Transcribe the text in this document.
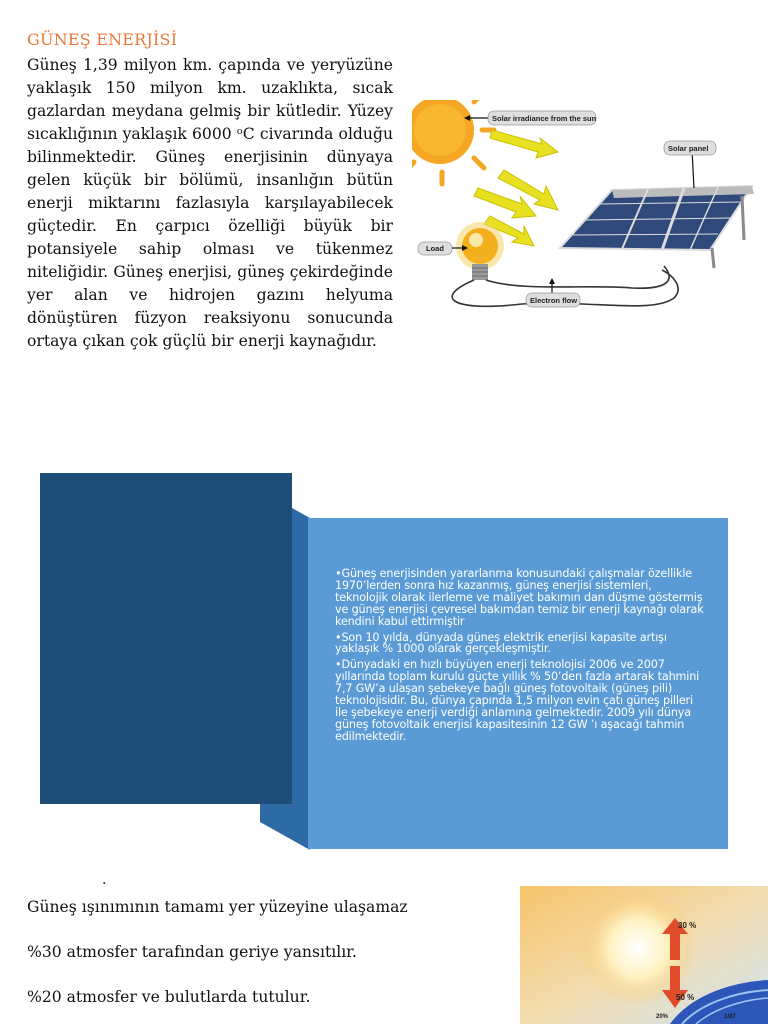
GÜNEŞ ENERJİSİ

Güneş 1,39 milyon km. çapında ve yeryüzüne yaklaşık 150 milyon km. uzaklıkta, sıcak gazlardan meydana gelmiş bir kütledir. Yüzey sıcaklığının yaklaşık 6000 ᵒC civarında olduğu bilinmektedir. Güneş enerjisinin dünyaya gelen küçük bir bölümü, insanlığın bütün enerji miktarını fazlasıyla karşılayabilecek güçtedir. En çarpıcı özelliği büyük bir potansiyele sahip olması ve tükenmez niteliğidir. Güneş enerjisi, güneş çekirdeğinde yer alan ve hidrojen gazını helyuma dönüştüren füzyon reaksiyonu sonucunda ortaya çıkan çok güçlü bir enerji kaynağıdır.

Solar irradiance from the sun
Solar panel
Load
Electron flow

•Güneş enerjisinden yararlanma konusundaki çalışmalar özellikle 1970’lerden sonra hız kazanmış, güneş enerjisi sistemleri, teknolojik olarak ilerleme ve maliyet bakımın dan düşme göstermiş ve güneş enerjisi çevresel bakımdan temiz bir enerji kaynağı olarak kendini kabul ettirmiştir

•Son 10 yılda, dünyada güneş elektrik enerjisi kapasite artışı yaklaşık % 1000 olarak gerçekleşmiştir.

•Dünyadaki en hızlı büyüyen enerji teknolojisi 2006 ve 2007 yıllarında toplam kurulu güçte yıllık % 50’den fazla artarak tahmini 7,7 GW’a ulaşan şebekeye bağlı güneş fotovoltaik (güneş pili) teknolojisidir. Bu, dünya çapında 1,5 milyon evin çatı güneş pilleri ile şebekeye enerji verdiği anlamına gelmektedir. 2009 yılı dünya güneş fotovoltaik enerjisi kapasitesinin 12 GW ’ı aşacağı tahmin edilmektedir.

.
Güneş ışınımının tamamı yer yüzeyine ulaşamaz
%30 atmosfer tarafından geriye yansıtılır.
%20 atmosfer ve bulutlarda tutulur.
30 %
50 %
20%	1/87
